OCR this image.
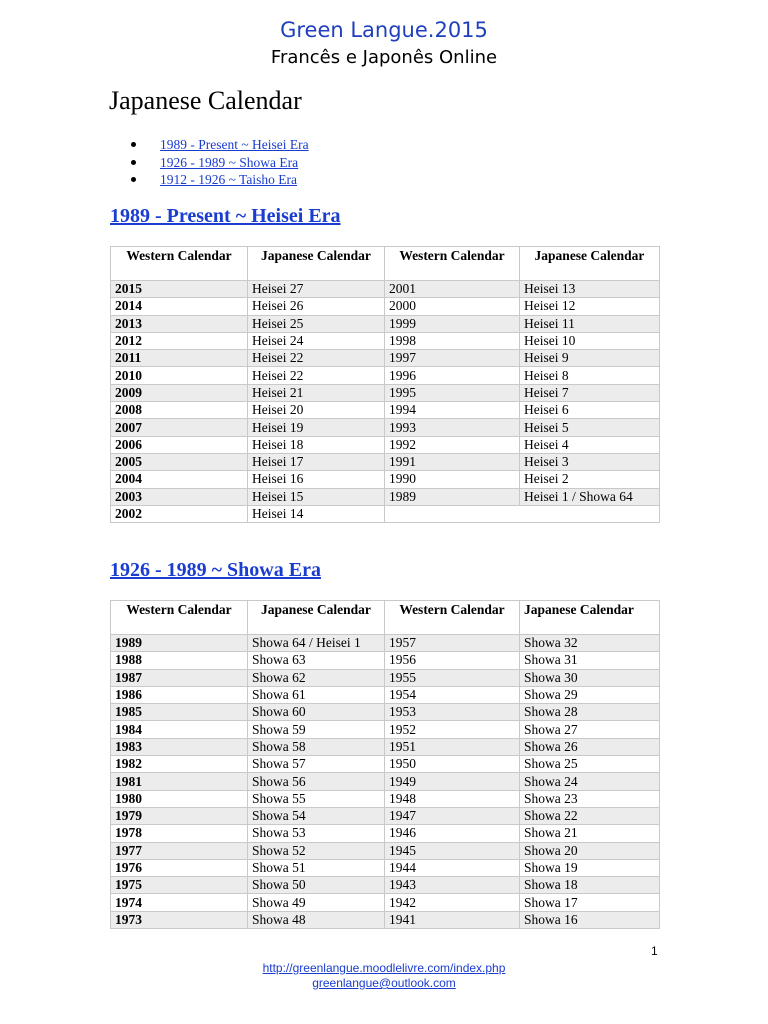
Green Langue.2015
Francês e Japonês Online
Japanese Calendar
1989 - Present ~ Heisei Era
1926 - 1989 ~ Showa Era
1912 - 1926 ~ Taisho Era
1989 - Present ~ Heisei Era
Western Calendar	Japanese Calendar	Western Calendar	Japanese Calendar
2015	Heisei 27	2001	Heisei 13
2014	Heisei 26	2000	Heisei 12
2013	Heisei 25	1999	Heisei 11
2012	Heisei 24	1998	Heisei 10
2011	Heisei 22	1997	Heisei 9
2010	Heisei 22	1996	Heisei 8
2009	Heisei 21	1995	Heisei 7
2008	Heisei 20	1994	Heisei 6
2007	Heisei 19	1993	Heisei 5
2006	Heisei 18	1992	Heisei 4
2005	Heisei 17	1991	Heisei 3
2004	Heisei 16	1990	Heisei 2
2003	Heisei 15	1989	Heisei 1 / Showa 64
2002	Heisei 14		
1926 - 1989 ~ Showa Era
Western Calendar	Japanese Calendar	Western Calendar	Japanese Calendar
1989	Showa 64 / Heisei 1	1957	Showa 32
1988	Showa 63	1956	Showa 31
1987	Showa 62	1955	Showa 30
1986	Showa 61	1954	Showa 29
1985	Showa 60	1953	Showa 28
1984	Showa 59	1952	Showa 27
1983	Showa 58	1951	Showa 26
1982	Showa 57	1950	Showa 25
1981	Showa 56	1949	Showa 24
1980	Showa 55	1948	Showa 23
1979	Showa 54	1947	Showa 22
1978	Showa 53	1946	Showa 21
1977	Showa 52	1945	Showa 20
1976	Showa 51	1944	Showa 19
1975	Showa 50	1943	Showa 18
1974	Showa 49	1942	Showa 17
1973	Showa 48	1941	Showa 16
1
http://greenlangue.moodlelivre.com/index.php
greenlangue@outlook.com
